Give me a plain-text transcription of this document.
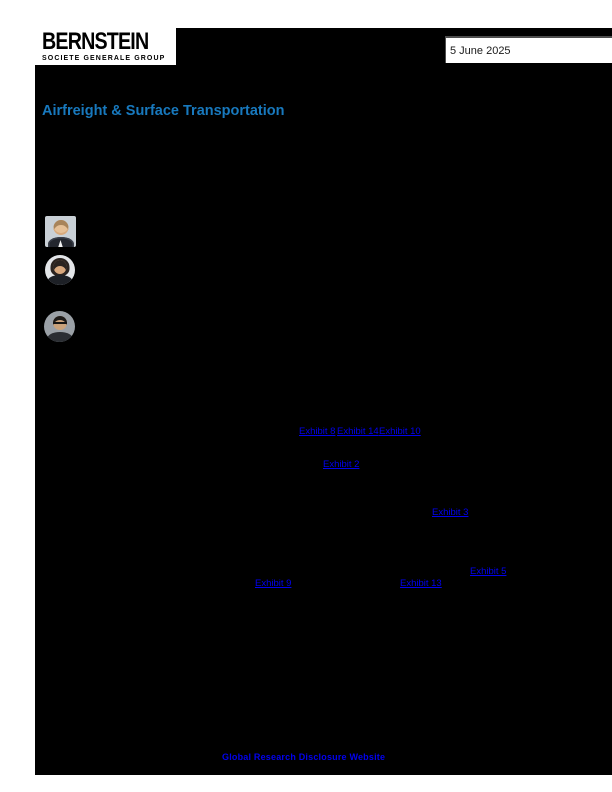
BERNSTEIN
SOCIETE GENERALE GROUP
5 June 2025
Airfreight & Surface Transportation
Exhibit 8 Exhibit 14 Exhibit 10
Exhibit 2
Exhibit 3
Exhibit 5
Exhibit 9	Exhibit 13
Global Research Disclosure Website
